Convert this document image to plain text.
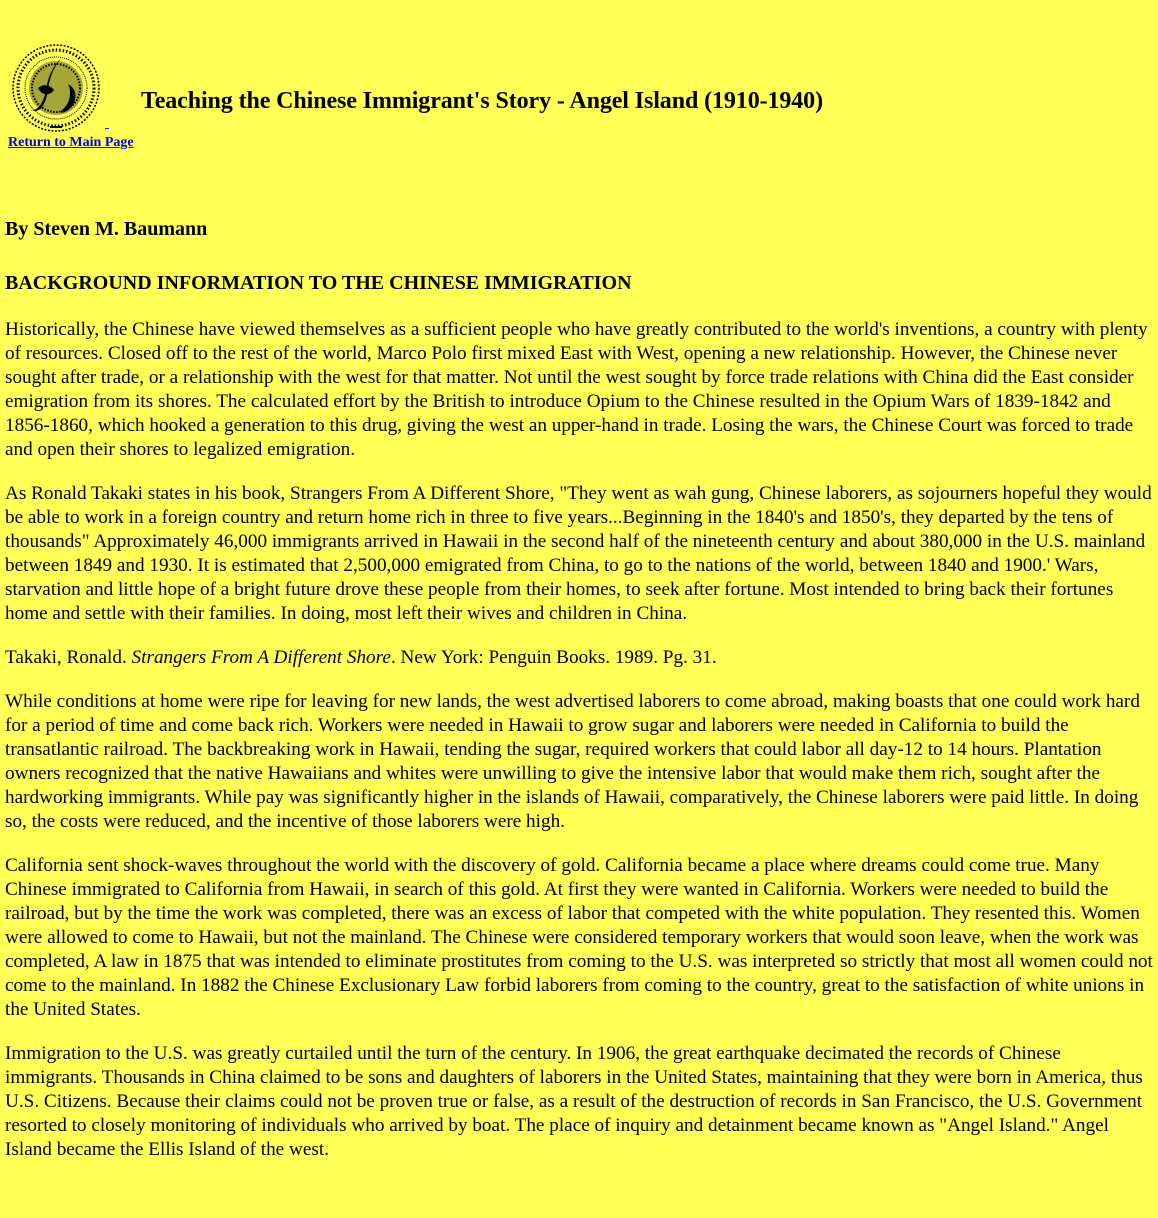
Teaching the Chinese Immigrant's Story - Angel Island (1910-1940)
Return to Main Page

By Steven M. Baumann

BACKGROUND INFORMATION TO THE CHINESE IMMIGRATION

Historically, the Chinese have viewed themselves as a sufficient people who have greatly contributed to the world's inventions, a country with plenty of resources. Closed off to the rest of the world, Marco Polo first mixed East with West, opening a new relationship. However, the Chinese never sought after trade, or a relationship with the west for that matter. Not until the west sought by force trade relations with China did the East consider emigration from its shores. The calculated effort by the British to introduce Opium to the Chinese resulted in the Opium Wars of 1839-1842 and 1856-1860, which hooked a generation to this drug, giving the west an upper-hand in trade. Losing the wars, the Chinese Court was forced to trade and open their shores to legalized emigration.

As Ronald Takaki states in his book, Strangers From A Different Shore, "They went as wah gung, Chinese laborers, as sojourners hopeful they would be able to work in a foreign country and return home rich in three to five years...Beginning in the 1840's and 1850's, they departed by the tens of thousands" Approximately 46,000 immigrants arrived in Hawaii in the second half of the nineteenth century and about 380,000 in the U.S. mainland between 1849 and 1930. It is estimated that 2,500,000 emigrated from China, to go to the nations of the world, between 1840 and 1900.' Wars, starvation and little hope of a bright future drove these people from their homes, to seek after fortune. Most intended to bring back their fortunes home and settle with their families. In doing, most left their wives and children in China.

Takaki, Ronald. Strangers From A Different Shore. New York: Penguin Books. 1989. Pg. 31.

While conditions at home were ripe for leaving for new lands, the west advertised laborers to come abroad, making boasts that one could work hard for a period of time and come back rich. Workers were needed in Hawaii to grow sugar and laborers were needed in California to build the transatlantic railroad. The backbreaking work in Hawaii, tending the sugar, required workers that could labor all day-12 to 14 hours. Plantation owners recognized that the native Hawaiians and whites were unwilling to give the intensive labor that would make them rich, sought after the hardworking immigrants. While pay was significantly higher in the islands of Hawaii, comparatively, the Chinese laborers were paid little. In doing so, the costs were reduced, and the incentive of those laborers were high.

California sent shock-waves throughout the world with the discovery of gold. California became a place where dreams could come true. Many Chinese immigrated to California from Hawaii, in search of this gold. At first they were wanted in California. Workers were needed to build the railroad, but by the time the work was completed, there was an excess of labor that competed with the white population. They resented this. Women were allowed to come to Hawaii, but not the mainland. The Chinese were considered temporary workers that would soon leave, when the work was completed, A law in 1875 that was intended to eliminate prostitutes from coming to the U.S. was interpreted so strictly that most all women could not come to the mainland. In 1882 the Chinese Exclusionary Law forbid laborers from coming to the country, great to the satisfaction of white unions in the United States.

Immigration to the U.S. was greatly curtailed until the turn of the century. In 1906, the great earthquake decimated the records of Chinese immigrants. Thousands in China claimed to be sons and daughters of laborers in the United States, maintaining that they were born in America, thus U.S. Citizens. Because their claims could not be proven true or false, as a result of the destruction of records in San Francisco, the U.S. Government resorted to closely monitoring of individuals who arrived by boat. The place of inquiry and detainment became known as "Angel Island." Angel Island became the Ellis Island of the west.
